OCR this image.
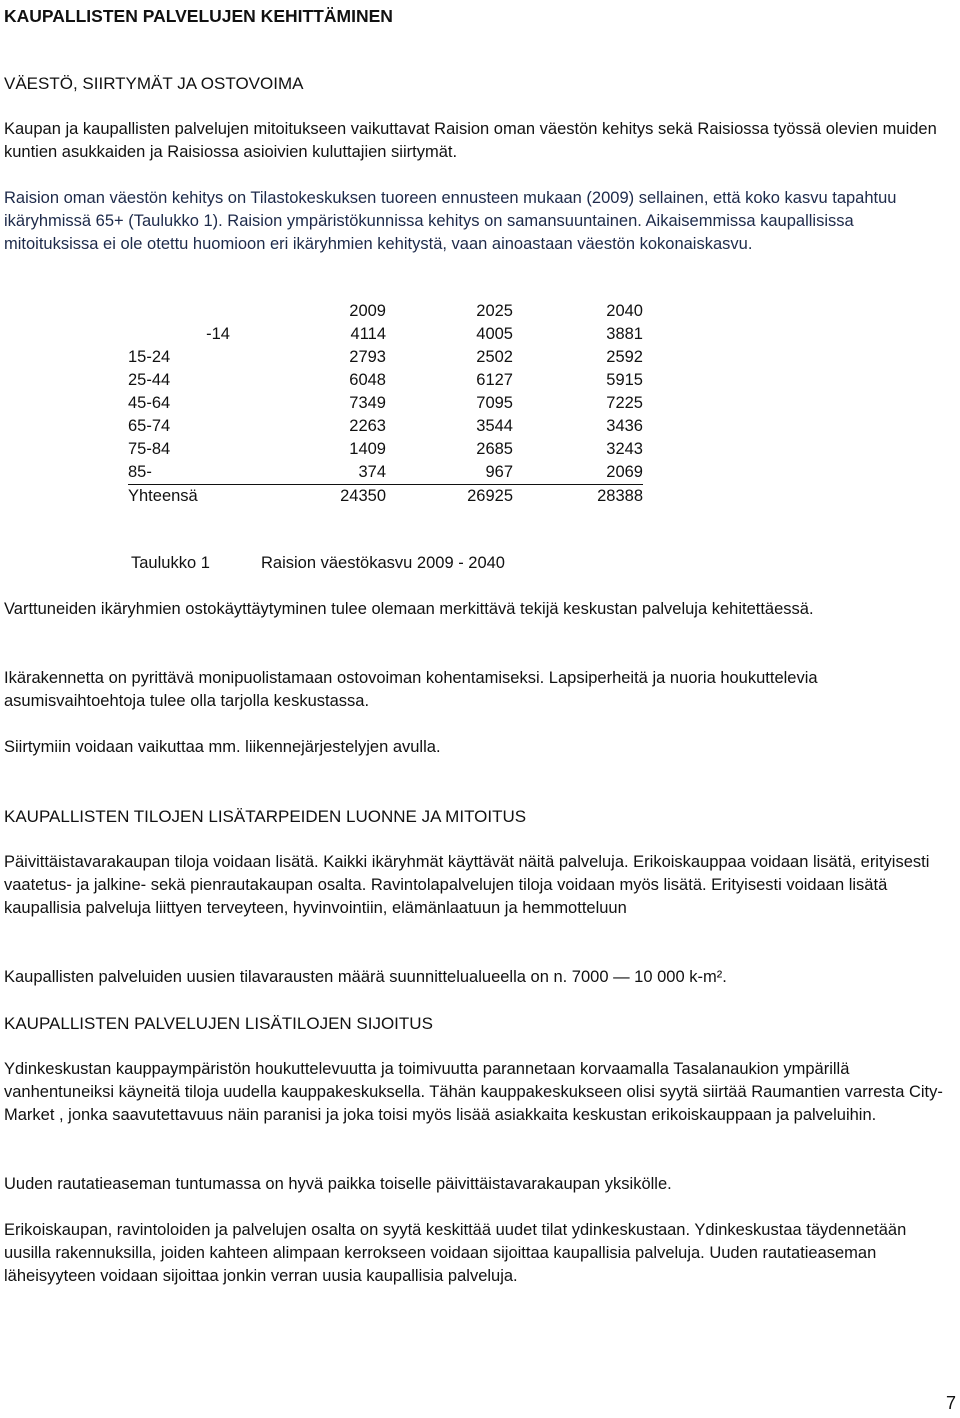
KAUPALLISTEN PALVELUJEN KEHITTÄMINEN
VÄESTÖ, SIIRTYMÄT JA OSTOVOIMA

Kaupan ja kaupallisten palvelujen mitoitukseen vaikuttavat Raision oman väestön kehitys sekä Raisiossa työssä olevien muiden kuntien asukkaiden ja Raisiossa asioivien kuluttajien siirtymät.

Raision oman väestön kehitys on Tilastokeskuksen tuoreen ennusteen mukaan (2009) sellainen, että koko kasvu tapahtuu ikäryhmissä 65+ (Taulukko 1). Raision ympäristökunnissa kehitys on samansuuntainen. Aikaisemmissa kaupallisissa mitoituksissa ei ole otettu huomioon eri ikäryhmien kehitystä, vaan ainoastaan väestön kokonaiskasvu.

	2009	2025	2040
-14	4114	4005	3881
15-24	2793	2502	2592
25-44	6048	6127	5915
45-64	7349	7095	7225
65-74	2263	3544	3436
75-84	1409	2685	3243
85-	374	967	2069
Yhteensä	24350	26925	28388
Taulukko 1	Raision väestökasvu 2009 - 2040

Varttuneiden ikäryhmien ostokäyttäytyminen tulee olemaan merkittävä tekijä keskustan palveluja kehitettäessä.

Ikärakennetta on pyrittävä monipuolistamaan ostovoiman kohentamiseksi. Lapsiperheitä ja nuoria houkuttelevia asumisvaihtoehtoja tulee olla tarjolla keskustassa.

Siirtymiin voidaan vaikuttaa mm. liikennejärjestelyjen avulla.

KAUPALLISTEN TILOJEN LISÄTARPEIDEN LUONNE JA MITOITUS

Päivittäistavarakaupan tiloja voidaan lisätä. Kaikki ikäryhmät käyttävät näitä palveluja. Erikoiskauppaa voidaan lisätä, erityisesti vaatetus- ja jalkine- sekä pienrautakaupan osalta. Ravintolapalvelujen tiloja voidaan myös lisätä. Erityisesti voidaan lisätä kaupallisia palveluja liittyen terveyteen, hyvinvointiin, elämänlaatuun ja hemmotteluun

Kaupallisten palveluiden uusien tilavarausten määrä suunnittelualueella on n. 7000 — 10 000 k-m².

KAUPALLISTEN PALVELUJEN LISÄTILOJEN SIJOITUS

Ydinkeskustan kauppaympäristön houkuttelevuutta ja toimivuutta parannetaan korvaamalla Tasalanaukion ympärillä vanhentuneiksi käyneitä tiloja uudella kauppakeskuksella. Tähän kauppakeskukseen olisi syytä siirtää Raumantien varresta City-Market , jonka saavutettavuus näin paranisi ja joka toisi myös lisää asiakkaita keskustan erikoiskauppaan ja palveluihin.

Uuden rautatieaseman tuntumassa on hyvä paikka toiselle päivittäistavarakaupan yksikölle.

Erikoiskaupan, ravintoloiden ja palvelujen osalta on syytä keskittää uudet tilat ydinkeskustaan. Ydinkeskustaa täydennetään uusilla rakennuksilla, joiden kahteen alimpaan kerrokseen voidaan sijoittaa kaupallisia palveluja. Uuden rautatieaseman läheisyyteen voidaan sijoittaa jonkin verran uusia kaupallisia palveluja.

7
